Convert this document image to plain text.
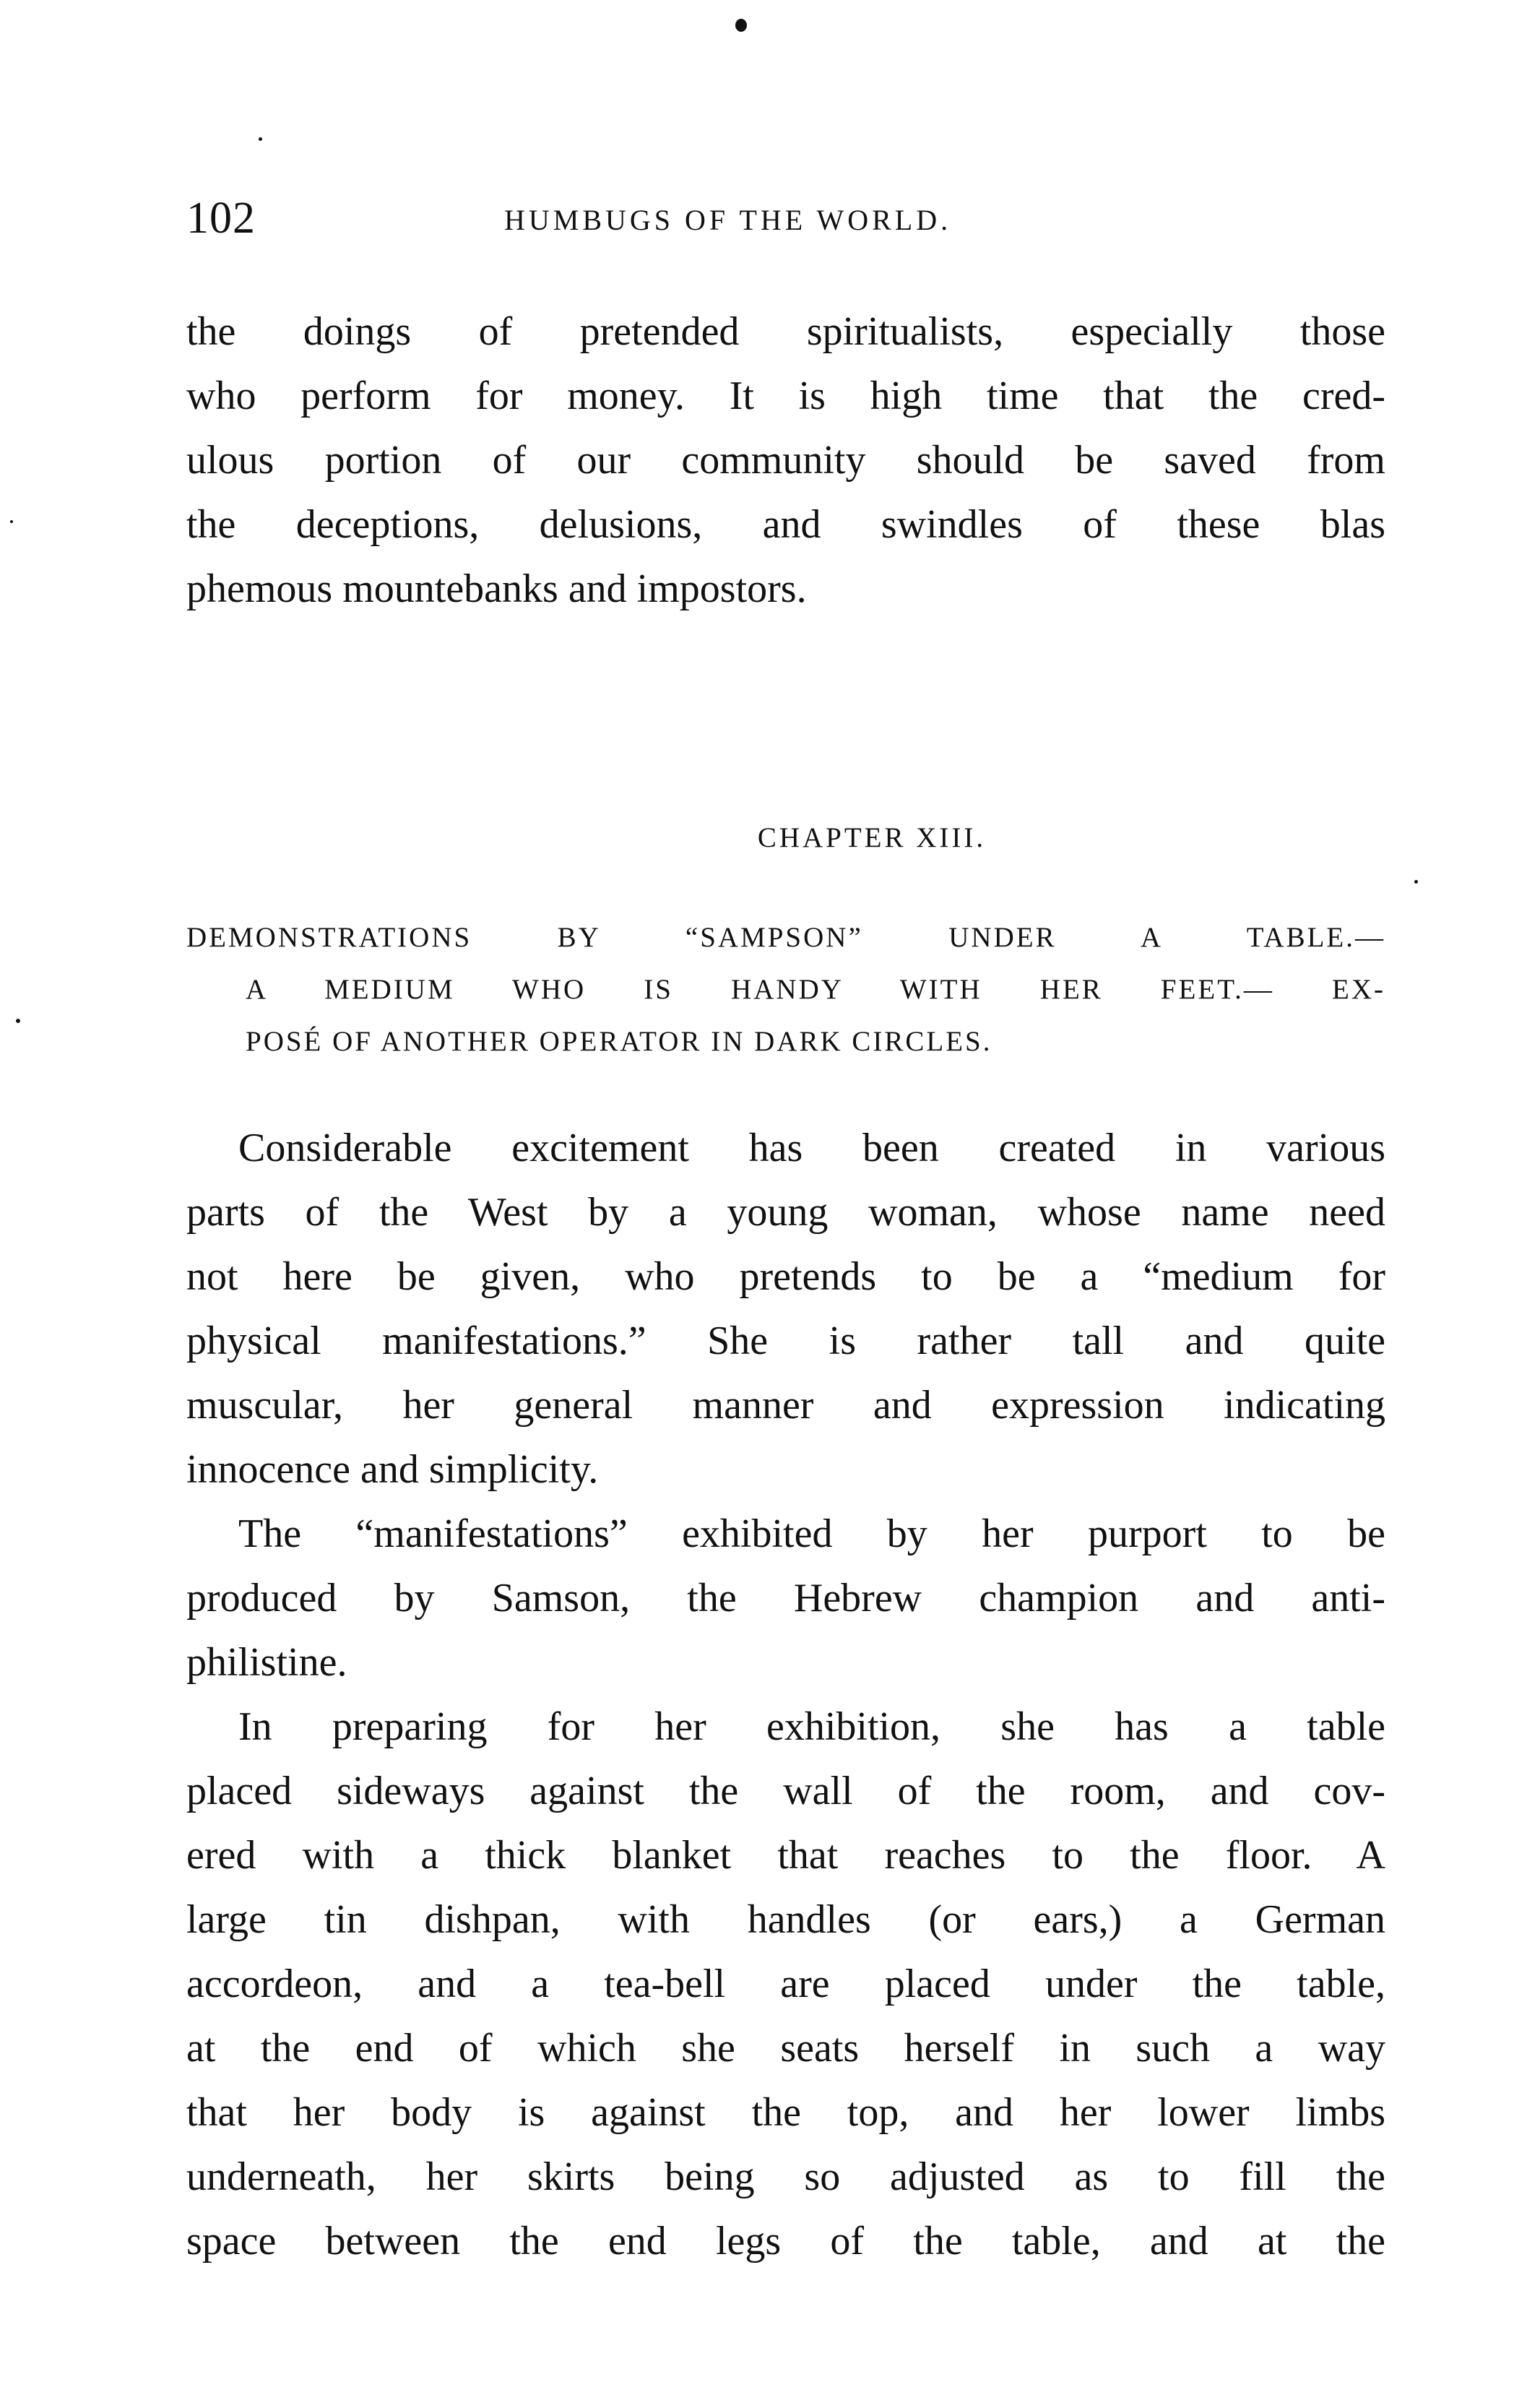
102	HUMBUGS OF THE WORLD.
the doings of pretended spiritualists, especially those
who perform for money. It is high time that the cred-
ulous portion of our community should be saved from
the deceptions, delusions, and swindles of these blas
phemous mountebanks and impostors.
CHAPTER XIII.
DEMONSTRATIONS BY “SAMPSON” UNDER A TABLE.—
A MEDIUM WHO IS HANDY WITH HER FEET.— EX-
POSÉ OF ANOTHER OPERATOR IN DARK CIRCLES.
Considerable excitement has been created in various
parts of the West by a young woman, whose name need
not here be given, who pretends to be a “medium for
physical manifestations.” She is rather tall and quite
muscular, her general manner and expression indicating
innocence and simplicity.
The “manifestations” exhibited by her purport to be
produced by Samson, the Hebrew champion and anti-
philistine.
In preparing for her exhibition, she has a table
placed sideways against the wall of the room, and cov-
ered with a thick blanket that reaches to the floor. A
large tin dishpan, with handles (or ears,) a German
accordeon, and a tea-bell are placed under the table,
at the end of which she seats herself in such a way
that her body is against the top, and her lower limbs
underneath, her skirts being so adjusted as to fill the
space between the end legs of the table, and at the
